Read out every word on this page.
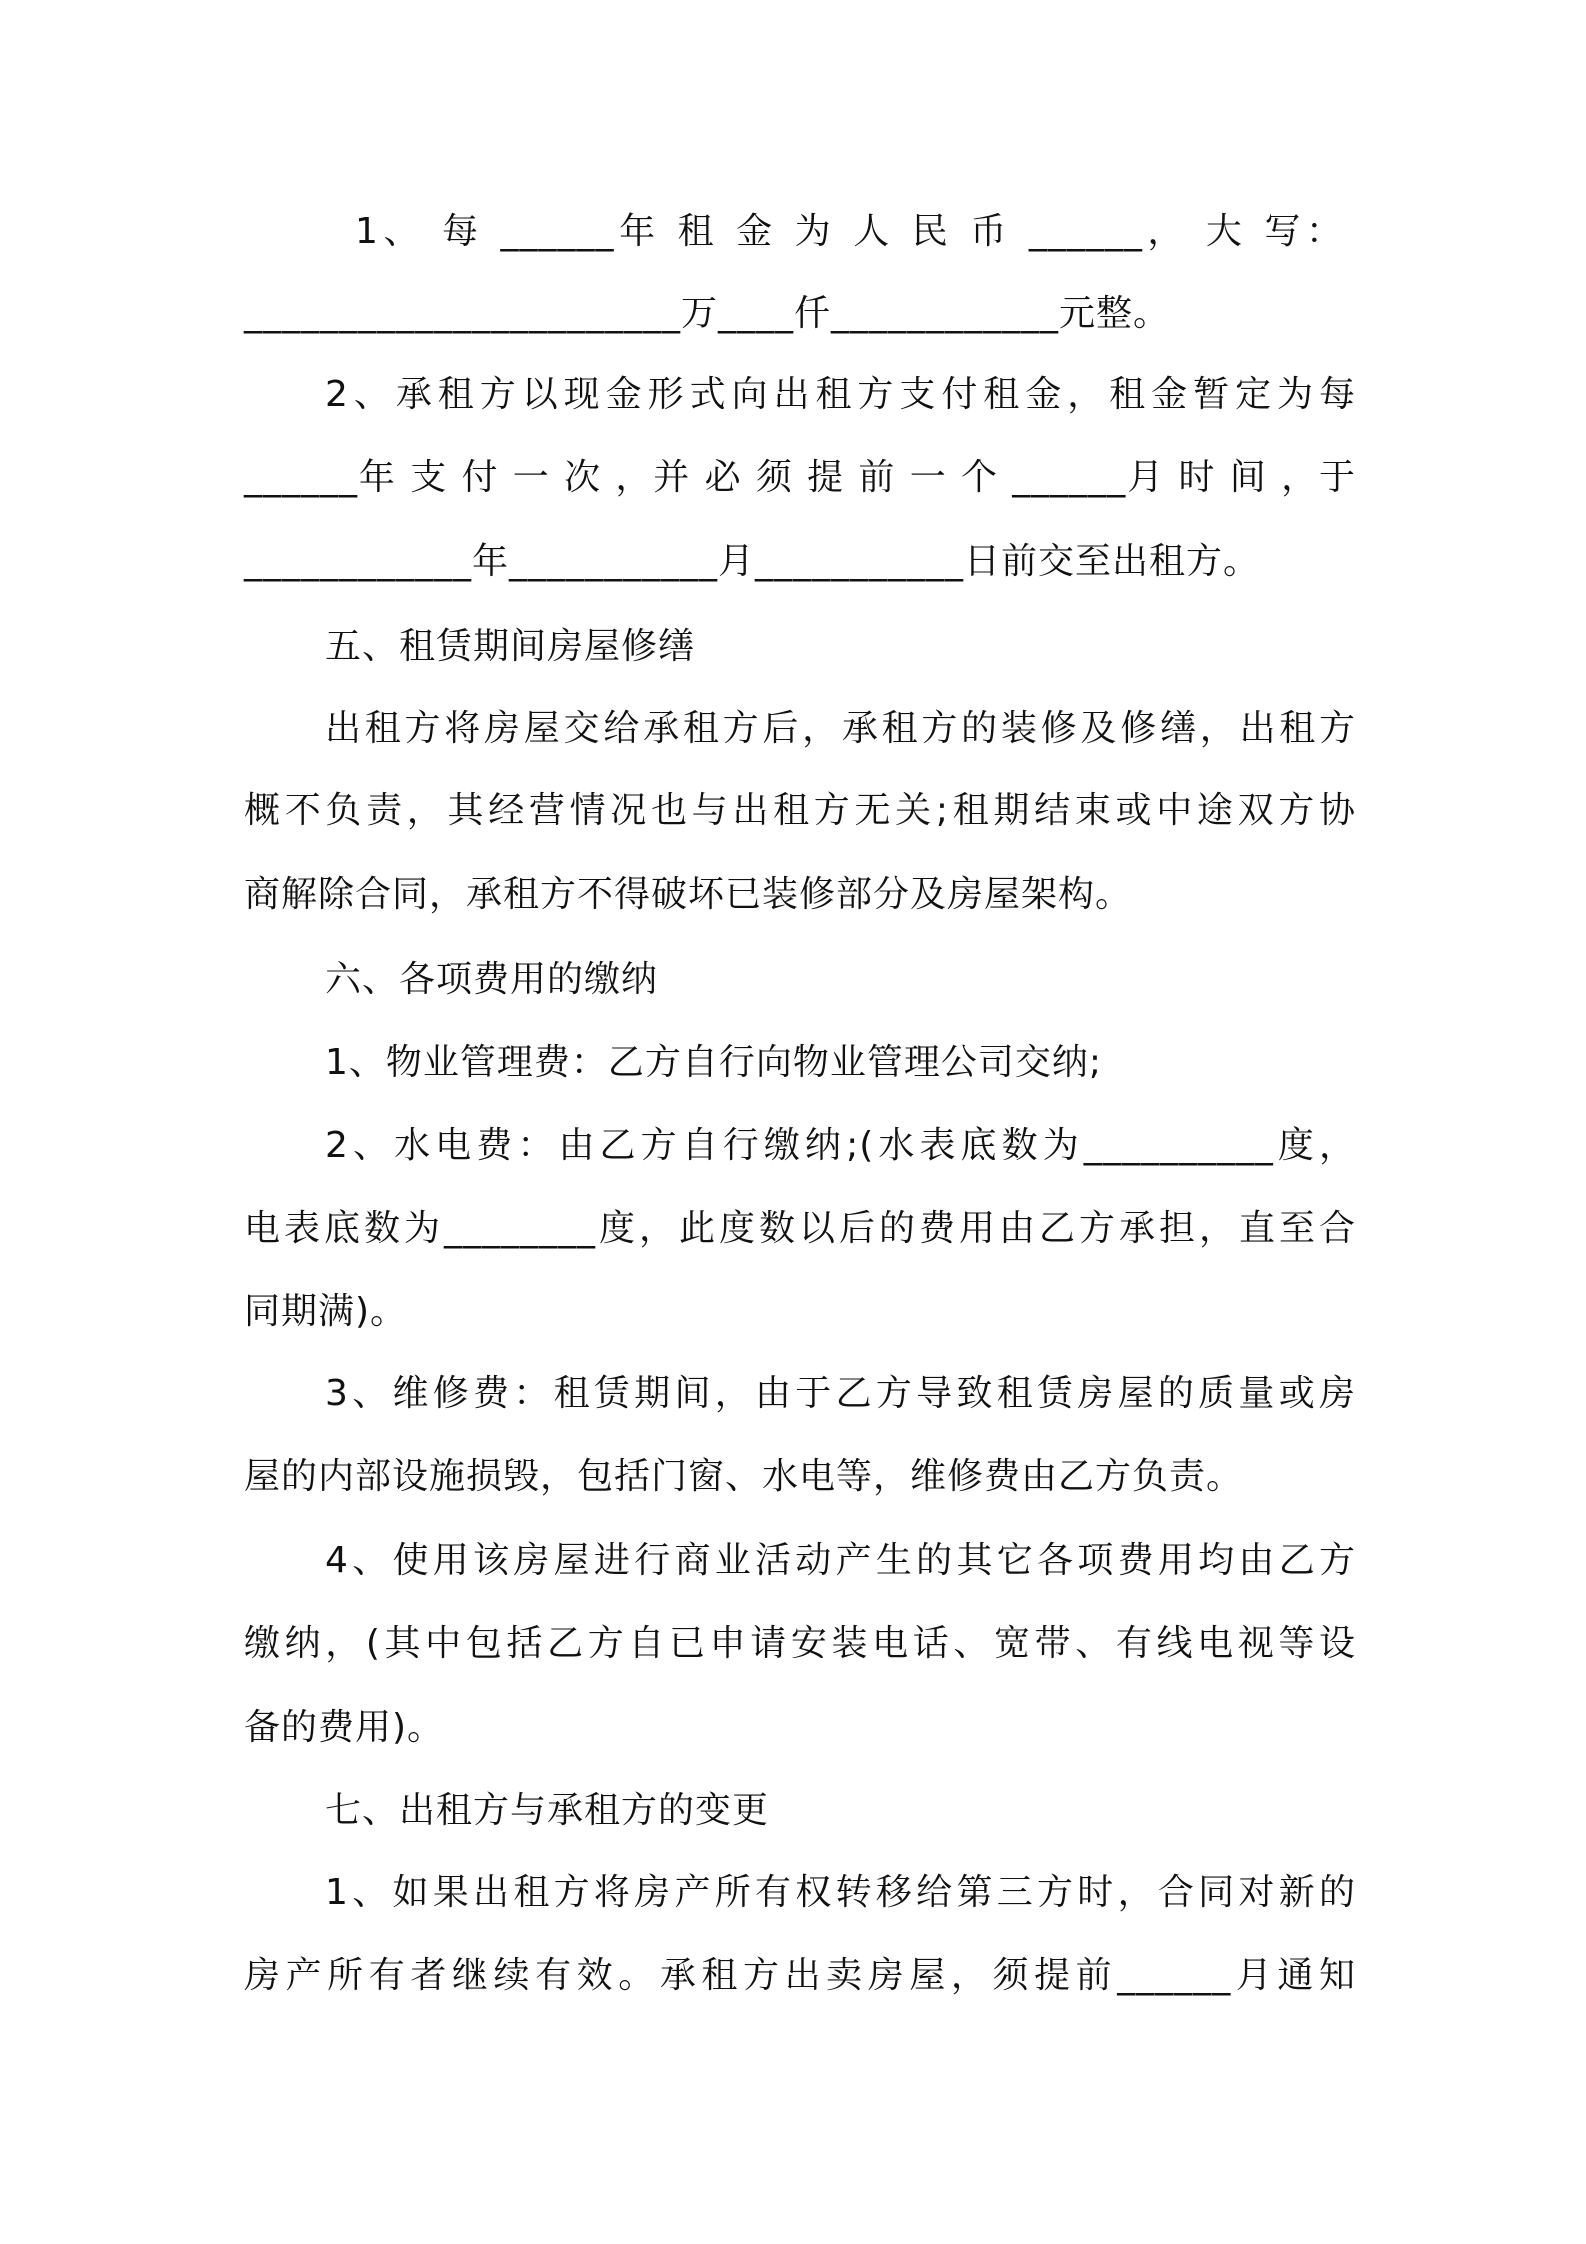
1、 每 ______年 租 金 为 人 民 币 ______， 大 写：
_______________________万____仟____________元整。
2、承租方以现金形式向出租方支付租金，租金暂定为每
______年 支 付 一 次 ，并 必 须 提 前 一 个 ______月 时 间 ，于
____________年___________月___________日前交至出租方。
五、租赁期间房屋修缮
出租方将房屋交给承租方后，承租方的装修及修缮，出租方
概不负责，其经营情况也与出租方无关;租期结束或中途双方协
商解除合同，承租方不得破坏已装修部分及房屋架构。
六、各项费用的缴纳
1、物业管理费：乙方自行向物业管理公司交纳;
2、水电费：由乙方自行缴纳;(水表底数为__________度，
电表底数为________度，此度数以后的费用由乙方承担，直至合
同期满)。
3、维修费：租赁期间，由于乙方导致租赁房屋的质量或房
屋的内部设施损毁，包括门窗、水电等，维修费由乙方负责。
4、使用该房屋进行商业活动产生的其它各项费用均由乙方
缴纳，(其中包括乙方自已申请安装电话、宽带、有线电视等设
备的费用)。
七、出租方与承租方的变更
1、如果出租方将房产所有权转移给第三方时，合同对新的
房产所有者继续有效。承租方出卖房屋，须提前______月通知
